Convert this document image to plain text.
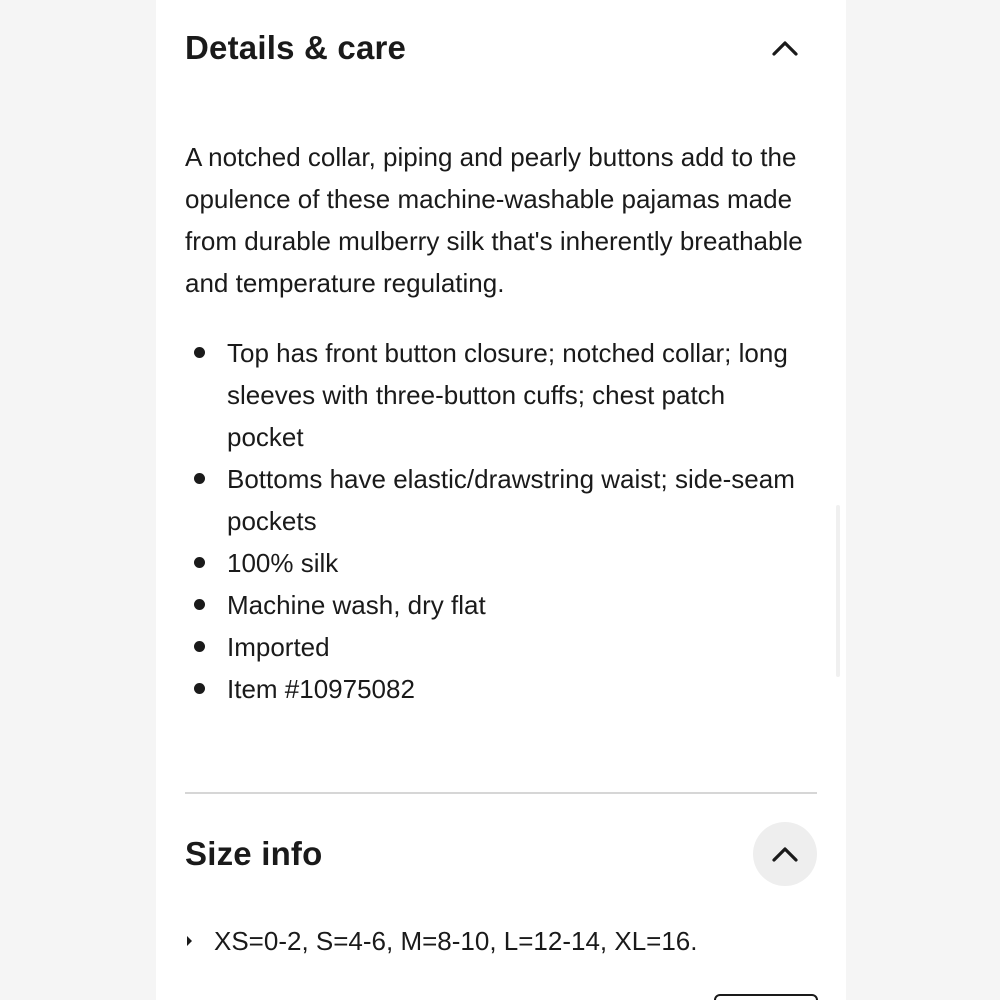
Details & care

A notched collar, piping and pearly buttons add to the opulence of these machine-washable pajamas made from durable mulberry silk that's inherently breathable and temperature regulating.

Top has front button closure; notched collar; long sleeves with three-button cuffs; chest patch pocket
Bottoms have elastic/drawstring waist; side-seam pockets
100% silk
Machine wash, dry flat
Imported
Item #10975082
Size info
XS=0-2, S=4-6, M=8-10, L=12-14, XL=16.
